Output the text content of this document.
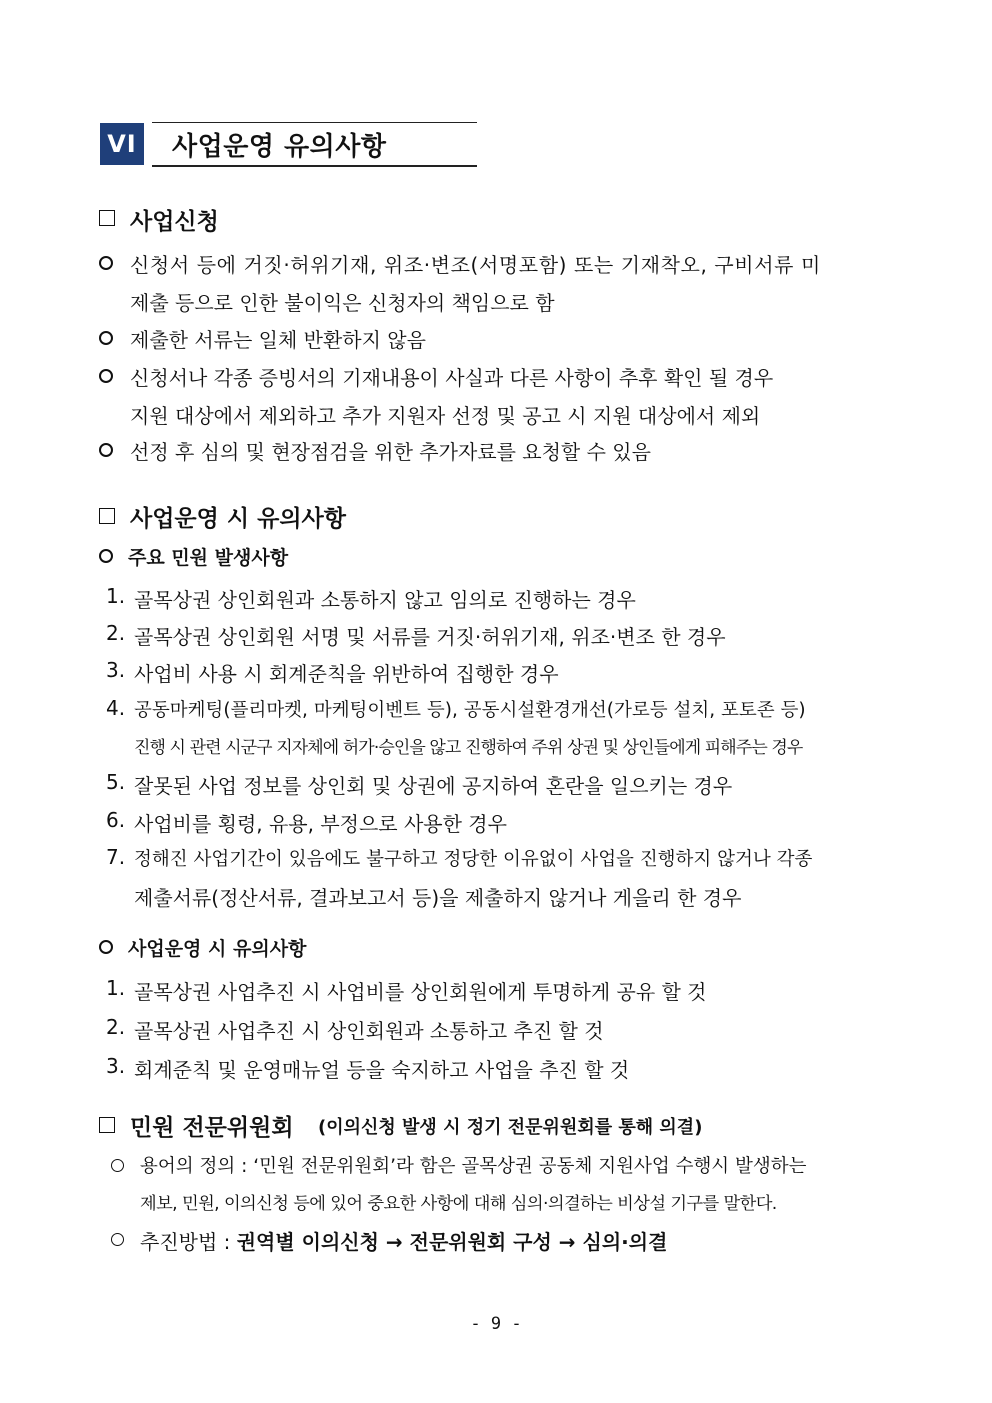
VI 사업운영 유의사항
사업신청
신청서 등에 거짓·허위기재, 위조·변조(서명포함) 또는 기재착오, 구비서류 미
제출 등으로 인한 불이익은 신청자의 책임으로 함
제출한 서류는 일체 반환하지 않음
신청서나 각종 증빙서의 기재내용이 사실과 다른 사항이 추후 확인 될 경우
지원 대상에서 제외하고 추가 지원자 선정 및 공고 시 지원 대상에서 제외
선정 후 심의 및 현장점검을 위한 추가자료를 요청할 수 있음
사업운영 시 유의사항
주요 민원 발생사항
1. 골목상권 상인회원과 소통하지 않고 임의로 진행하는 경우
2. 골목상권 상인회원 서명 및 서류를 거짓·허위기재, 위조·변조 한 경우
3. 사업비 사용 시 회계준칙을 위반하여 집행한 경우
4. 공동마케팅(플리마켓, 마케팅이벤트 등), 공동시설환경개선(가로등 설치, 포토존 등)
진행 시 관련 시군구 지자체에 허가·승인을 않고 진행하여 주위 상권 및 상인들에게 피해주는 경우
5. 잘못된 사업 정보를 상인회 및 상권에 공지하여 혼란을 일으키는 경우
6. 사업비를 횡령, 유용, 부정으로 사용한 경우
7. 정해진 사업기간이 있음에도 불구하고 정당한 이유없이 사업을 진행하지 않거나 각종
제출서류(정산서류, 결과보고서 등)을 제출하지 않거나 게을리 한 경우
사업운영 시 유의사항
1. 골목상권 사업추진 시 사업비를 상인회원에게 투명하게 공유 할 것
2. 골목상권 사업추진 시 상인회원과 소통하고 추진 할 것
3. 회계준칙 및 운영매뉴얼 등을 숙지하고 사업을 추진 할 것
민원 전문위원회 (이의신청 발생 시 정기 전문위원회를 통해 의결)
용어의 정의 : ‘민원 전문위원회’라 함은 골목상권 공동체 지원사업 수행시 발생하는
제보, 민원, 이의신청 등에 있어 중요한 사항에 대해 심의·의결하는 비상설 기구를 말한다.
추진방법 : 권역별 이의신청 → 전문위원회 구성 → 심의·의결
- 9 -
